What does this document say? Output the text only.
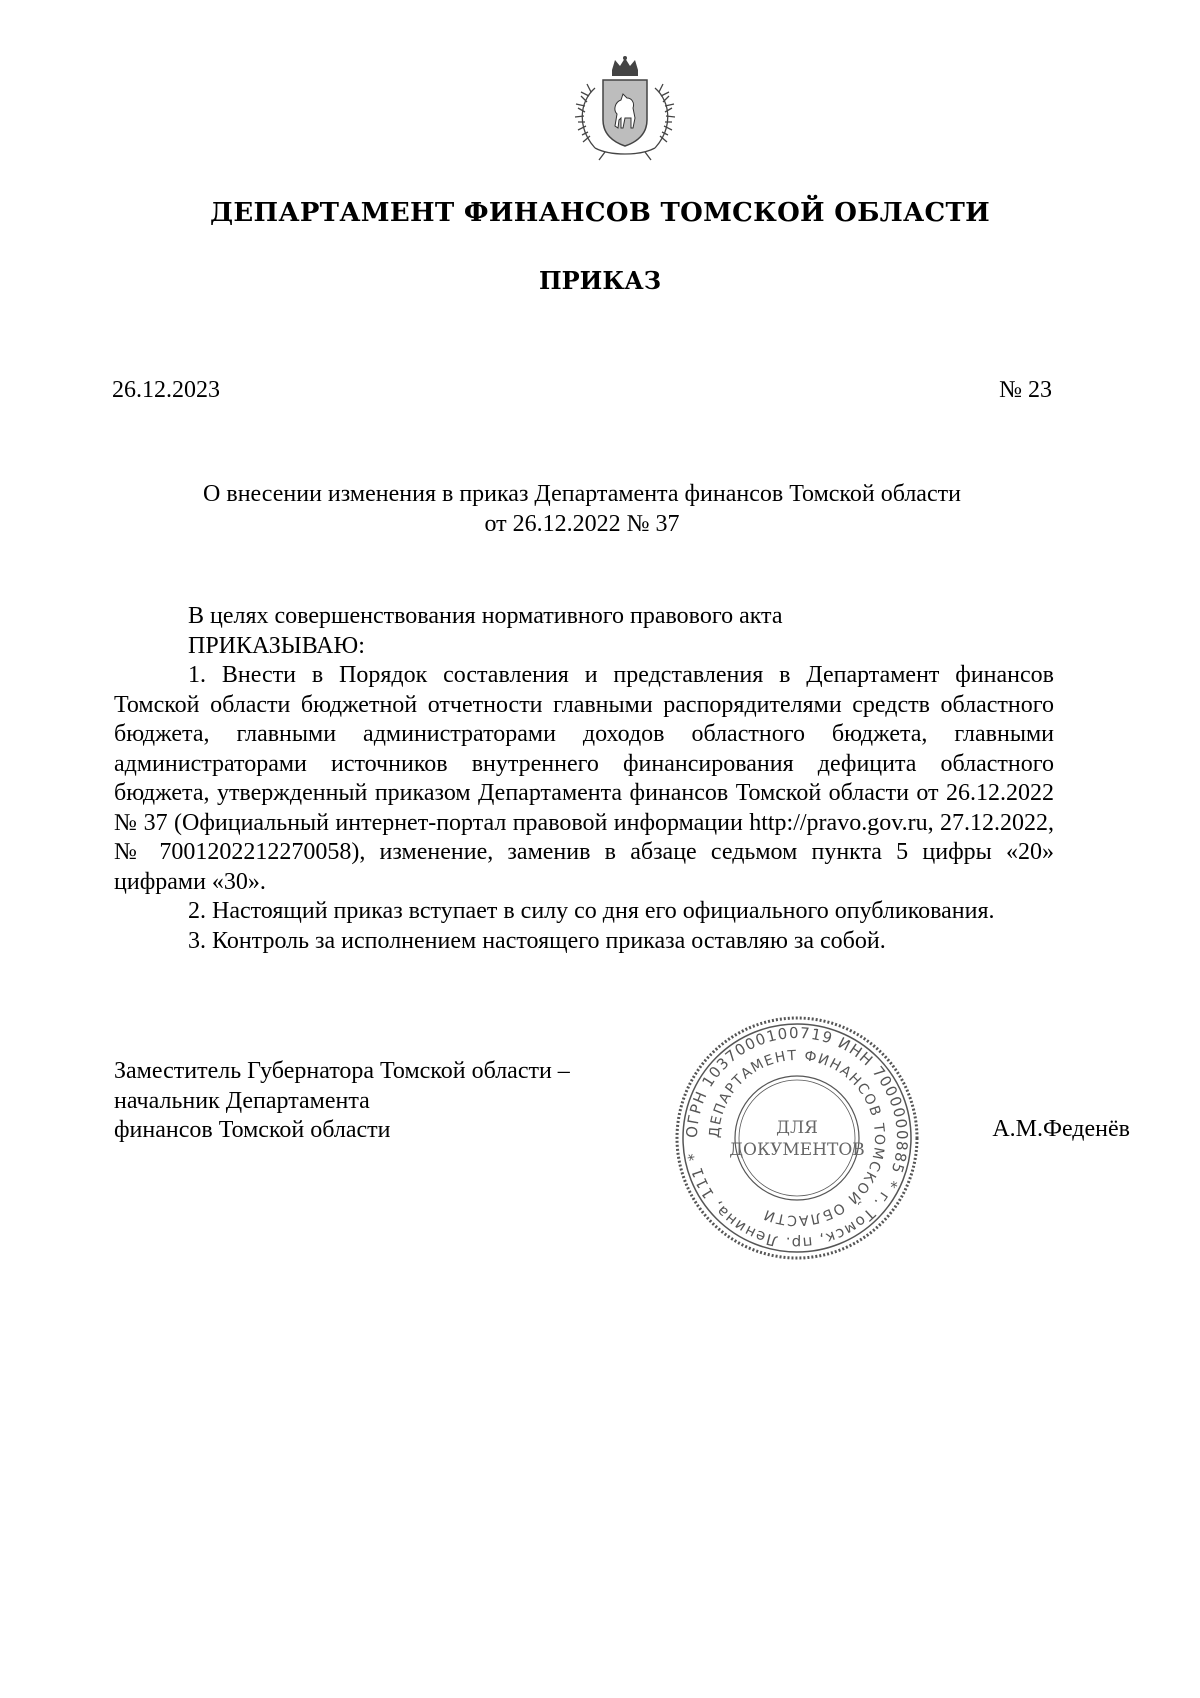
ДЕПАРТАМЕНТ ФИНАНСОВ ТОМСКОЙ ОБЛАСТИ
ПРИКАЗ
26.12.2023	№ 23
О внесении изменения в приказ Департамента финансов Томской области
от 26.12.2022 № 37

В целях совершенствования нормативного правового акта

ПРИКАЗЫВАЮ:

1. Внести в Порядок составления и представления в Департамент финансов Томской области бюджетной отчетности главными распорядителями средств областного бюджета, главными администраторами доходов областного бюджета, главными администраторами источников внутреннего финансирования дефицита областного бюджета, утвержденный приказом Департамента финансов Томской области от 26.12.2022 № 37 (Официальный интернет-портал правовой информации http://pravo.gov.ru, 27.12.2022, № 7001202212270058), изменение, заменив в абзаце седьмом пункта 5 цифры «20» цифрами «30».

2. Настоящий приказ вступает в силу со дня его официального опубликования.

3. Контроль за исполнением настоящего приказа оставляю за собой.

Заместитель Губернатора Томской области –
начальник Департамента
финансов Томской области	ОГРН 1037000100719 ИНН 7000000885 * г. Томск, пр. Ленина, 111 *
ДЕПАРТАМЕНТ ФИНАНСОВ ТОМСКОЙ ОБЛАСТИ
ДЛЯ
ДОКУМЕНТОВ
А.М.Феденёв
